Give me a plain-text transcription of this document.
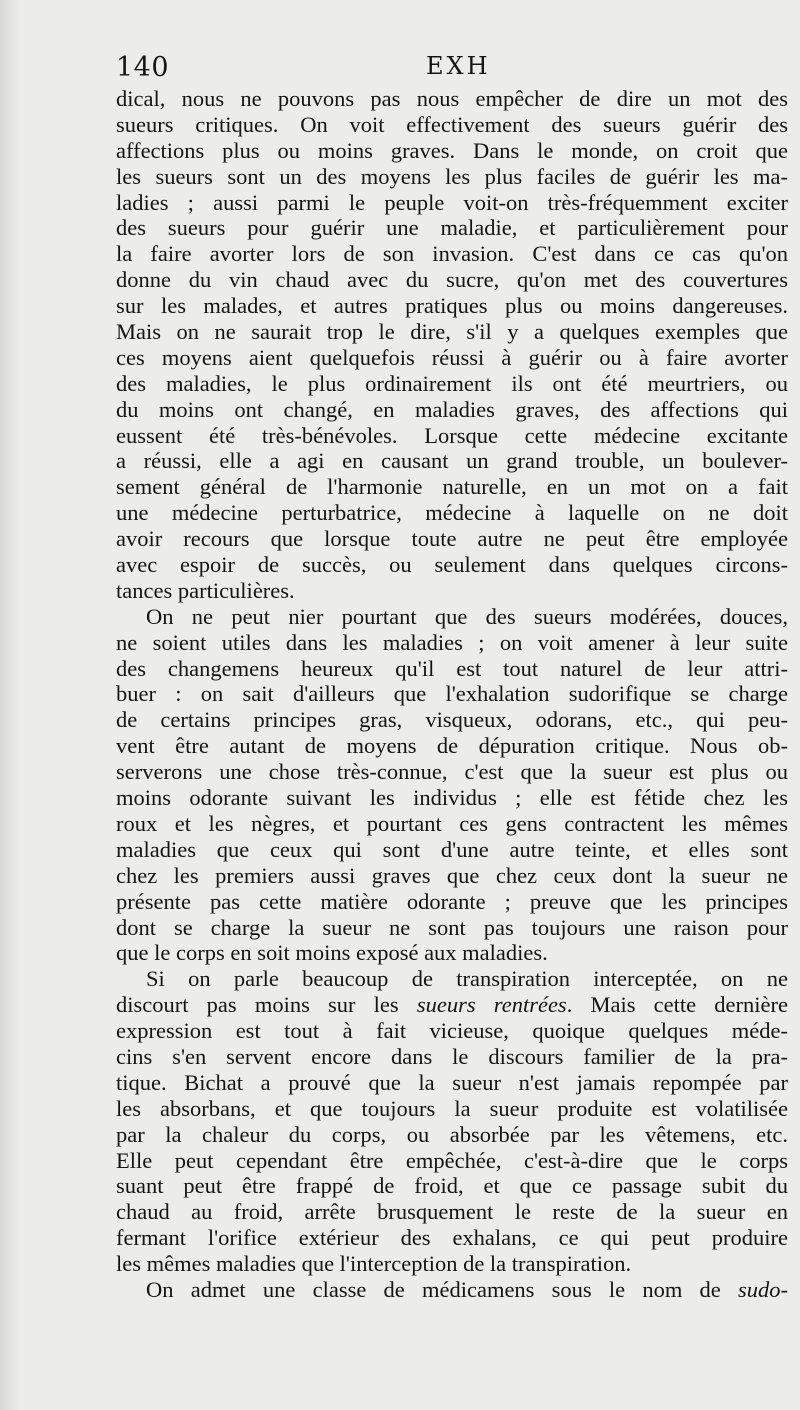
140	EXH
dical, nous ne pouvons pas nous empêcher de dire un mot des
sueurs critiques. On voit effectivement des sueurs guérir des
affections plus ou moins graves. Dans le monde, on croit que
les sueurs sont un des moyens les plus faciles de guérir les ma-
ladies ; aussi parmi le peuple voit-on très-fréquemment exciter
des sueurs pour guérir une maladie, et particulièrement pour
la faire avorter lors de son invasion. C'est dans ce cas qu'on
donne du vin chaud avec du sucre, qu'on met des couvertures
sur les malades, et autres pratiques plus ou moins dangereuses.
Mais on ne saurait trop le dire, s'il y a quelques exemples que
ces moyens aient quelquefois réussi à guérir ou à faire avorter
des maladies, le plus ordinairement ils ont été meurtriers, ou
du moins ont changé, en maladies graves, des affections qui
eussent été très-bénévoles. Lorsque cette médecine excitante
a réussi, elle a agi en causant un grand trouble, un boulever-
sement général de l'harmonie naturelle, en un mot on a fait
une médecine perturbatrice, médecine à laquelle on ne doit
avoir recours que lorsque toute autre ne peut être employée
avec espoir de succès, ou seulement dans quelques circons-
tances particulières.
On ne peut nier pourtant que des sueurs modérées, douces,
ne soient utiles dans les maladies ; on voit amener à leur suite
des changemens heureux qu'il est tout naturel de leur attri-
buer : on sait d'ailleurs que l'exhalation sudorifique se charge
de certains principes gras, visqueux, odorans, etc., qui peu-
vent être autant de moyens de dépuration critique. Nous ob-
serverons une chose très-connue, c'est que la sueur est plus ou
moins odorante suivant les individus ; elle est fétide chez les
roux et les nègres, et pourtant ces gens contractent les mêmes
maladies que ceux qui sont d'une autre teinte, et elles sont
chez les premiers aussi graves que chez ceux dont la sueur ne
présente pas cette matière odorante ; preuve que les principes
dont se charge la sueur ne sont pas toujours une raison pour
que le corps en soit moins exposé aux maladies.
Si on parle beaucoup de transpiration interceptée, on ne
discourt pas moins sur les sueurs rentrées. Mais cette dernière
expression est tout à fait vicieuse, quoique quelques méde-
cins s'en servent encore dans le discours familier de la pra-
tique. Bichat a prouvé que la sueur n'est jamais repompée par
les absorbans, et que toujours la sueur produite est volatilisée
par la chaleur du corps, ou absorbée par les vêtemens, etc.
Elle peut cependant être empêchée, c'est-à-dire que le corps
suant peut être frappé de froid, et que ce passage subit du
chaud au froid, arrête brusquement le reste de la sueur en
fermant l'orifice extérieur des exhalans, ce qui peut produire
les mêmes maladies que l'interception de la transpiration.
On admet une classe de médicamens sous le nom de sudo-
